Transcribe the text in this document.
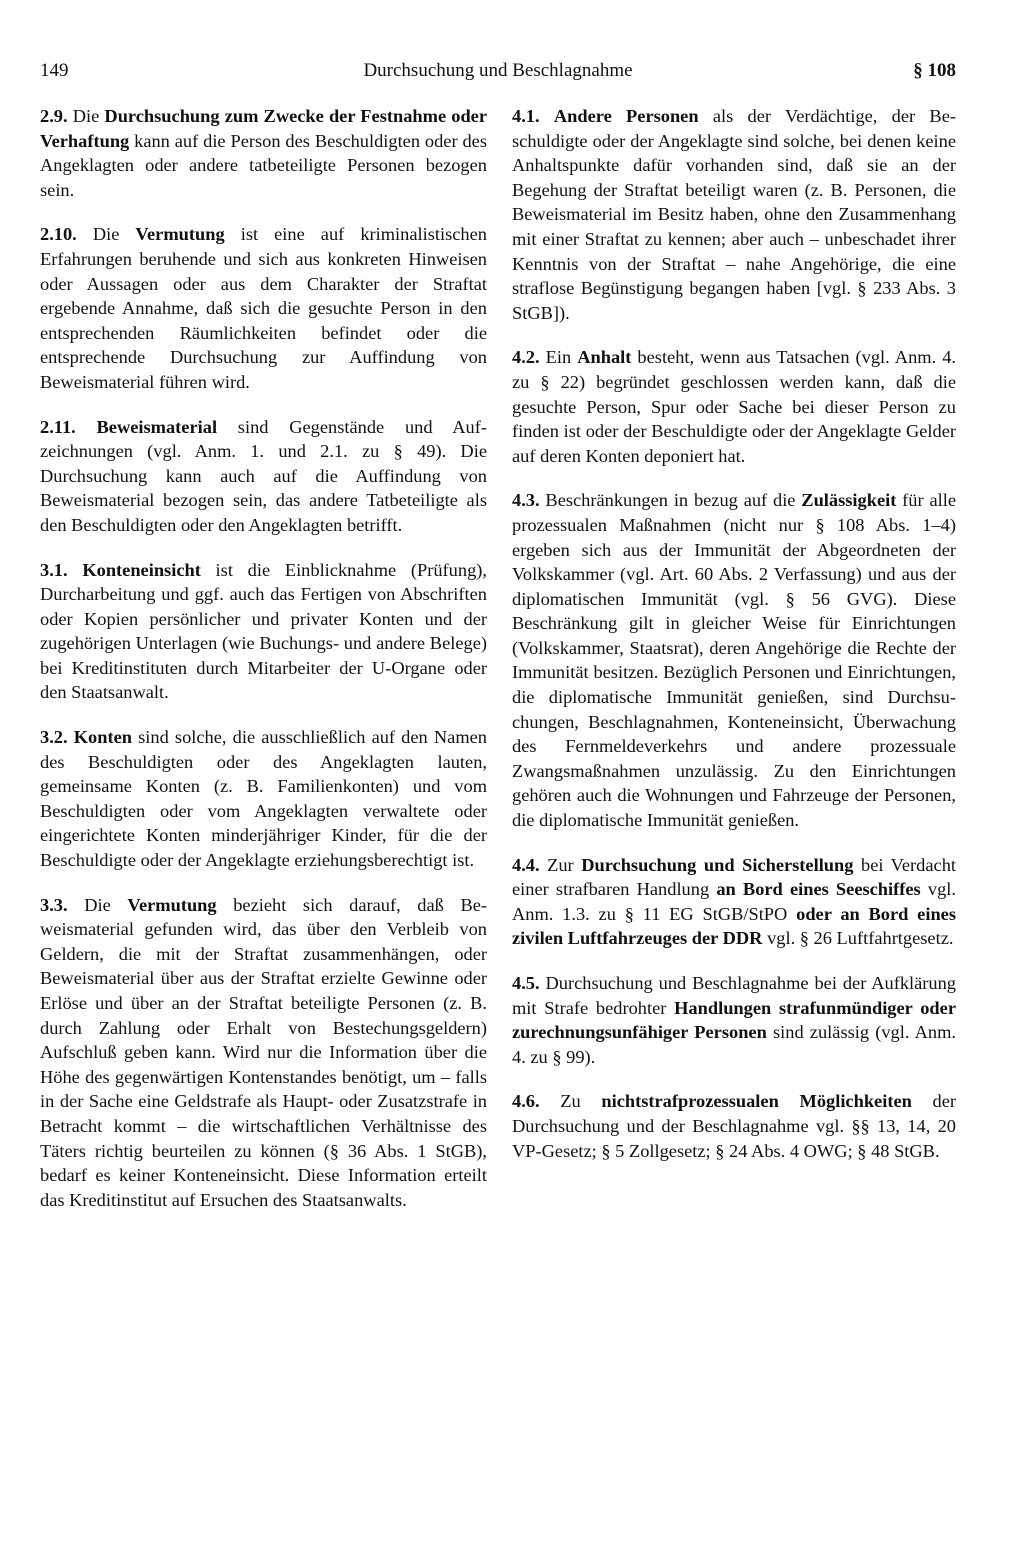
149	Durchsuchung und Beschlagnahme	§ 108

2.9. Die Durchsuchung zum Zwecke der Festnahme oder Verhaftung kann auf die Person des Beschuldigten oder des Angeklagten oder andere tatbeteiligte Personen bezogen sein.

2.10. Die Vermutung ist eine auf kriminalistischen Erfahrungen beruhende und sich aus konkreten Hinweisen oder Aussagen oder aus dem Charakter der Straftat ergebende Annahme, daß sich die gesuchte Person in den entsprechenden Räumlichkeiten befindet oder die entsprechende Durchsuchung zur Auffindung von Beweismaterial führen wird.

2.11. Beweismaterial sind Gegenstände und Aufzeichnungen (vgl. Anm. 1. und 2.1. zu § 49). Die Durchsuchung kann auch auf die Auffindung von Beweismaterial bezogen sein, das andere Tatbeteiligte als den Beschuldigten oder den Angeklagten betrifft.

3.1. Konteneinsicht ist die Einblicknahme (Prüfung), Durcharbeitung und ggf. auch das Fertigen von Abschriften oder Kopien persönlicher und privater Konten und der zugehörigen Unterlagen (wie Buchungs- und andere Belege) bei Kreditinstituten durch Mitarbeiter der U-Organe oder den Staatsanwalt.

3.2. Konten sind solche, die ausschließlich auf den Namen des Beschuldigten oder des Angeklagten lauten, gemeinsame Konten (z. B. Familienkonten) und vom Beschuldigten oder vom Angeklagten verwaltete oder eingerichtete Konten minderjähriger Kinder, für die der Beschuldigte oder der Angeklagte erziehungsberechtigt ist.

3.3. Die Vermutung bezieht sich darauf, daß Beweismaterial gefunden wird, das über den Verbleib von Geldern, die mit der Straftat zusammenhängen, oder Beweismaterial über aus der Straftat erzielte Gewinne oder Erlöse und über an der Straftat beteiligte Personen (z. B. durch Zahlung oder Erhalt von Bestechungsgeldern) Aufschluß geben kann. Wird nur die Information über die Höhe des gegenwärtigen Kontenstandes benötigt, um – falls in der Sache eine Geldstrafe als Haupt- oder Zusatzstrafe in Betracht kommt – die wirtschaftlichen Verhältnisse des Täters richtig beurteilen zu können (§ 36 Abs. 1 StGB), bedarf es keiner Konteneinsicht. Diese Information erteilt das Kreditinstitut auf Ersuchen des Staatsanwalts.

4.1. Andere Personen als der Verdächtige, der Beschuldigte oder der Angeklagte sind solche, bei denen keine Anhaltspunkte dafür vorhanden sind, daß sie an der Begehung der Straftat beteiligt waren (z. B. Personen, die Beweismaterial im Besitz haben, ohne den Zusammenhang mit einer Straftat zu kennen; aber auch – unbeschadet ihrer Kenntnis von der Straftat – nahe Angehörige, die eine straflose Begünstigung begangen haben [vgl. § 233 Abs. 3 StGB]).

4.2. Ein Anhalt besteht, wenn aus Tatsachen (vgl. Anm. 4. zu § 22) begründet geschlossen werden kann, daß die gesuchte Person, Spur oder Sache bei dieser Person zu finden ist oder der Beschuldigte oder der Angeklagte Gelder auf deren Konten deponiert hat.

4.3. Beschränkungen in bezug auf die Zulässigkeit für alle prozessualen Maßnahmen (nicht nur § 108 Abs. 1–4) ergeben sich aus der Immunität der Abgeordneten der Volkskammer (vgl. Art. 60 Abs. 2 Verfassung) und aus der diplomatischen Immunität (vgl. § 56 GVG). Diese Beschränkung gilt in gleicher Weise für Einrichtungen (Volkskammer, Staatsrat), deren Angehörige die Rechte der Immunität besitzen. Bezüglich Personen und Einrichtungen, die diplomatische Immunität genießen, sind Durchsuchungen, Beschlagnahmen, Konteneinsicht, Überwachung des Fernmeldeverkehrs und andere prozessuale Zwangsmaßnahmen unzulässig. Zu den Einrichtungen gehören auch die Wohnungen und Fahrzeuge der Personen, die diplomatische Immunität genießen.

4.4. Zur Durchsuchung und Sicherstellung bei Verdacht einer strafbaren Handlung an Bord eines Seeschiffes vgl. Anm. 1.3. zu § 11 EG StGB/StPO oder an Bord eines zivilen Luftfahrzeuges der DDR vgl. § 26 Luftfahrtgesetz.

4.5. Durchsuchung und Beschlagnahme bei der Aufklärung mit Strafe bedrohter Handlungen strafunmündiger oder zurechnungsunfähiger Personen sind zulässig (vgl. Anm. 4. zu § 99).

4.6. Zu nichtstrafprozessualen Möglichkeiten der Durchsuchung und der Beschlagnahme vgl. §§ 13, 14, 20 VP-Gesetz; § 5 Zollgesetz; § 24 Abs. 4 OWG; § 48 StGB.
